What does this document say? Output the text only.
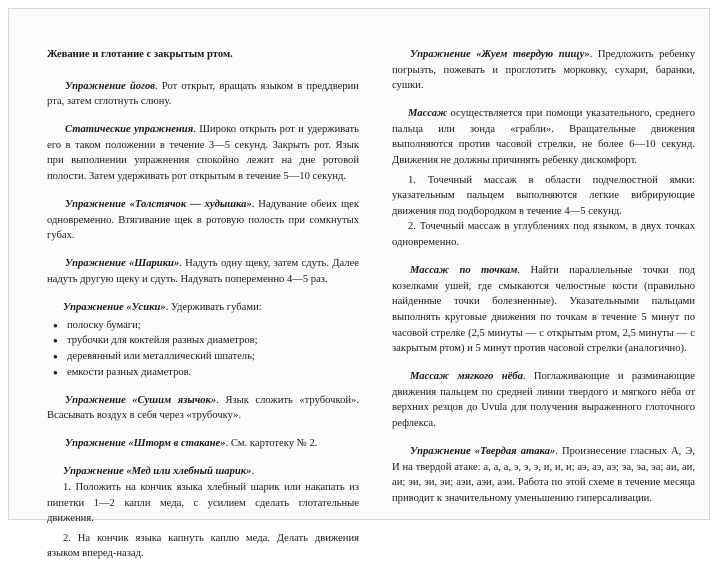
Жевание и глотание с закрытым ртом.

Упражнение йогов. Рот открыт, вращать языком в преддверии рта, затем сглотнуть слюну.

Статические упражнения. Широко открыть рот и удерживать его в таком положении в течение 3—5 секунд. Закрыть рот. Язык при выполнении упражнения спокойно лежит на дне ротовой полости. Затем удерживать рот открытым в течение 5—10 секунд.

Упражнение «Толстячок — худышка». Надувание обеих щек одновременно. Втягивание щек в ротовую полость при сомкнутых губах.

Упражнение «Шарики». Надуть одну щеку, затем сдуть. Далее надуть другую щеку и сдуть. Надувать попеременно 4—5 раз.

Упражнение «Усики». Удерживать губами:

● полоску бумаги;
● трубочки для коктейля разных диаметров;
● деревянный или металлический шпатель;
● емкости разных диаметров.

Упражнение «Сушим язычок». Язык сложить «трубочкой». Всасывать воздух в себя через «трубочку».

Упражнение «Шторм в стакане». См. картотеку № 2.

Упражнение «Мед или хлебный шарик».

1. Положить на кончик языка хлебный шарик или накапать из пипетки 1—2 капли меда, с усилием сделать глотательные движения.

2. На кончик языка капнуть каплю меда. Делать движения языком вперед-назад.

Упражнение «Жуем твердую пищу». Предложить ребенку погрызть, пожевать и проглотить морковку, сухари, баранки, сушки.

Массаж осуществляется при помощи указательного, среднего пальца или зонда «грабли». Вращательные движения выполняются против часовой стрелки, не более 6—10 секунд. Движения не должны причинять ребенку дискомфорт.

1. Точечный массаж в области подчелюстной ямки: указательным пальцем выполняются легкие вибрирующие движения под подбородком в течение 4—5 секунд.

2. Точечный массаж в углублениях под языком, в двух точках одновременно.

Массаж по точкам. Найти параллельные точки под козелками ушей, где смыкаются челюстные кости (правильно найденные точки болезненные). Указательными пальцами выполнять круговые движения по точкам в течение 5 минут по часовой стрелке (2,5 минуты — с открытым ртом, 2,5 минуты — с закрытым ртом) и 5 минут против часовой стрелки (аналогично).

Массаж мягкого нёба. Поглаживающие и разминающие движения пальцем по средней линии твердого и мягкого нёба от верхних резцов до Uvula для получения выраженного глоточного рефлекса.

Упражнение «Твердая атака». Произнесение гласных А, Э, И на твердой атаке: а, а, а, э, э, э, и, и, и; аэ, аэ, аэ; эа, эа, эа; аи, аи, аи; эи, эи, эи; аэи, аэи, аэи. Работа по этой схеме в течение месяца приводит к значительному уменьшению гиперсаливации.
